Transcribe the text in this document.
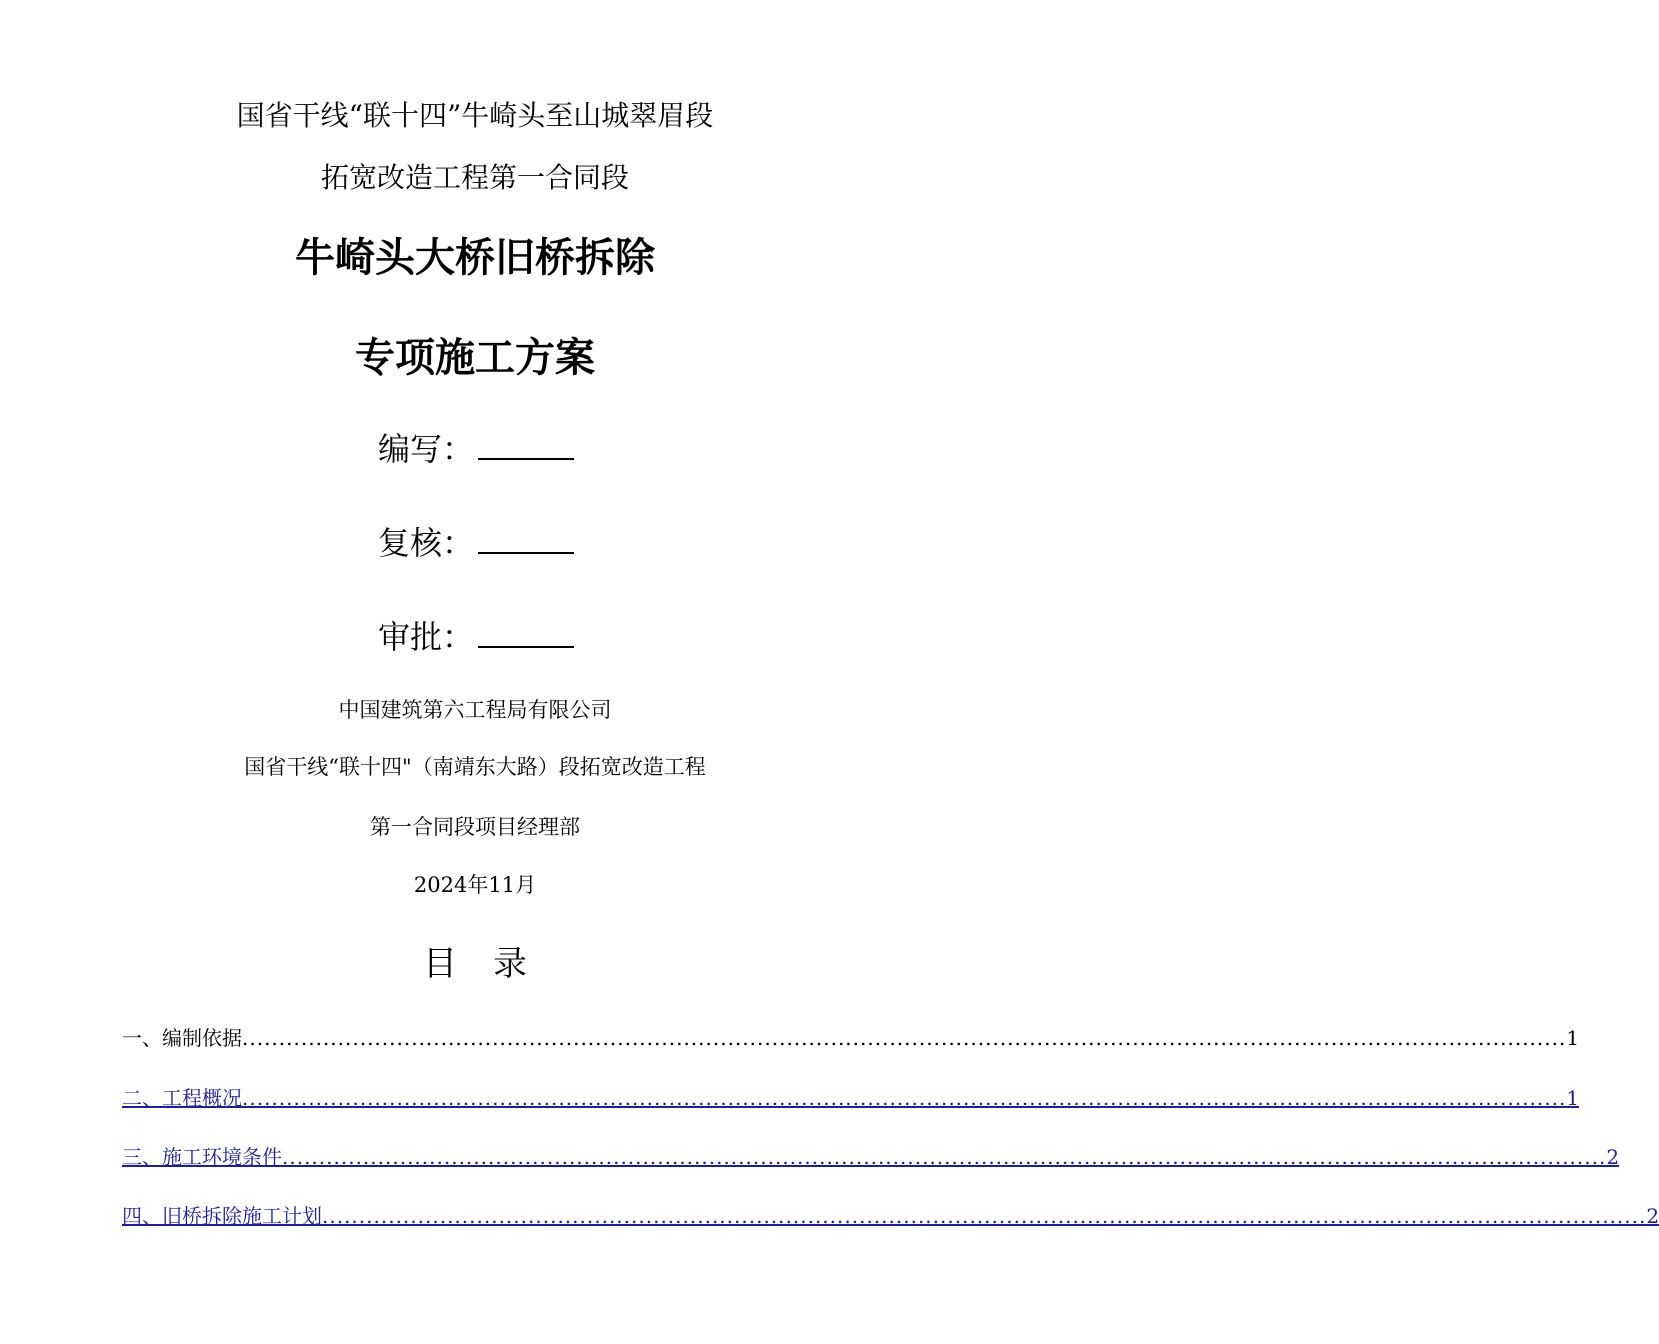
国省干线“联十四”牛崎头至山城翠眉段
拓宽改造工程第一合同段
牛崎头大桥旧桥拆除
专项施工方案
编写：
复核：
审批：
中国建筑第六工程局有限公司
国省干线“联十四"（南靖东大路）段拓宽改造工程
第一合同段项目经理部
2024年11月
目 录
一、编制依据 .................................................................................................................................................................................... 1
二、工程概况 .................................................................................................................................................................................... 1
三、施工环境条件 .................................................................................................................................................................................... 2
四、旧桥拆除施工计划 .................................................................................................................................................................................... 2
